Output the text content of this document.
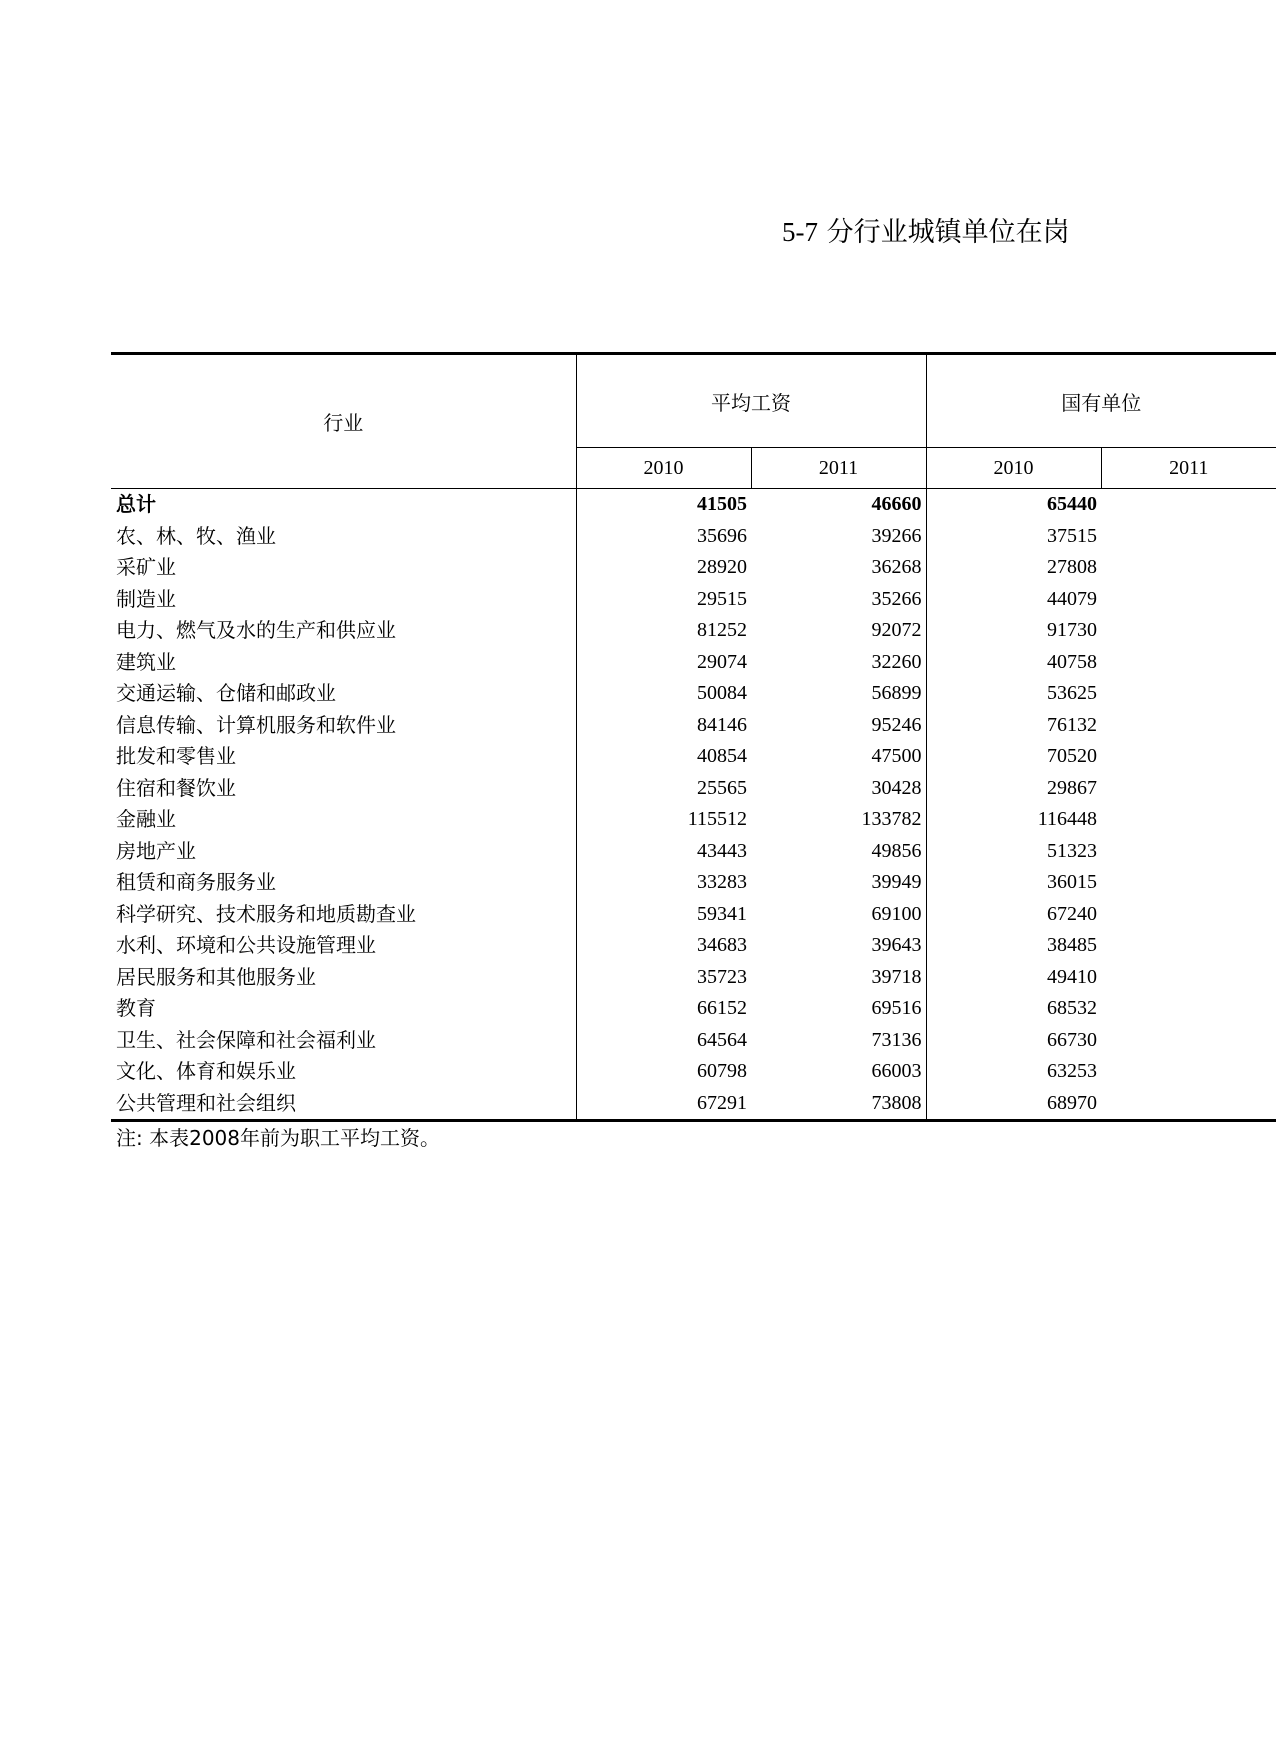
5-7 分行业城镇单位在岗
行业	平均工资		国有单位	
	2010	2011	2010	2011
总计	41505	46660	65440	
农、林、牧、渔业	35696	39266	37515	
采矿业	28920	36268	27808	
制造业	29515	35266	44079	
电力、燃气及水的生产和供应业	81252	92072	91730	
建筑业	29074	32260	40758	
交通运输、仓储和邮政业	50084	56899	53625	
信息传输、计算机服务和软件业	84146	95246	76132	
批发和零售业	40854	47500	70520	
住宿和餐饮业	25565	30428	29867	
金融业	115512	133782	116448	
房地产业	43443	49856	51323	
租赁和商务服务业	33283	39949	36015	
科学研究、技术服务和地质勘查业	59341	69100	67240	
水利、环境和公共设施管理业	34683	39643	38485	
居民服务和其他服务业	35723	39718	49410	
教育	66152	69516	68532	
卫生、社会保障和社会福利业	64564	73136	66730	
文化、体育和娱乐业	60798	66003	63253	
公共管理和社会组织	67291	73808	68970	
注: 本表2008年前为职工平均工资。
